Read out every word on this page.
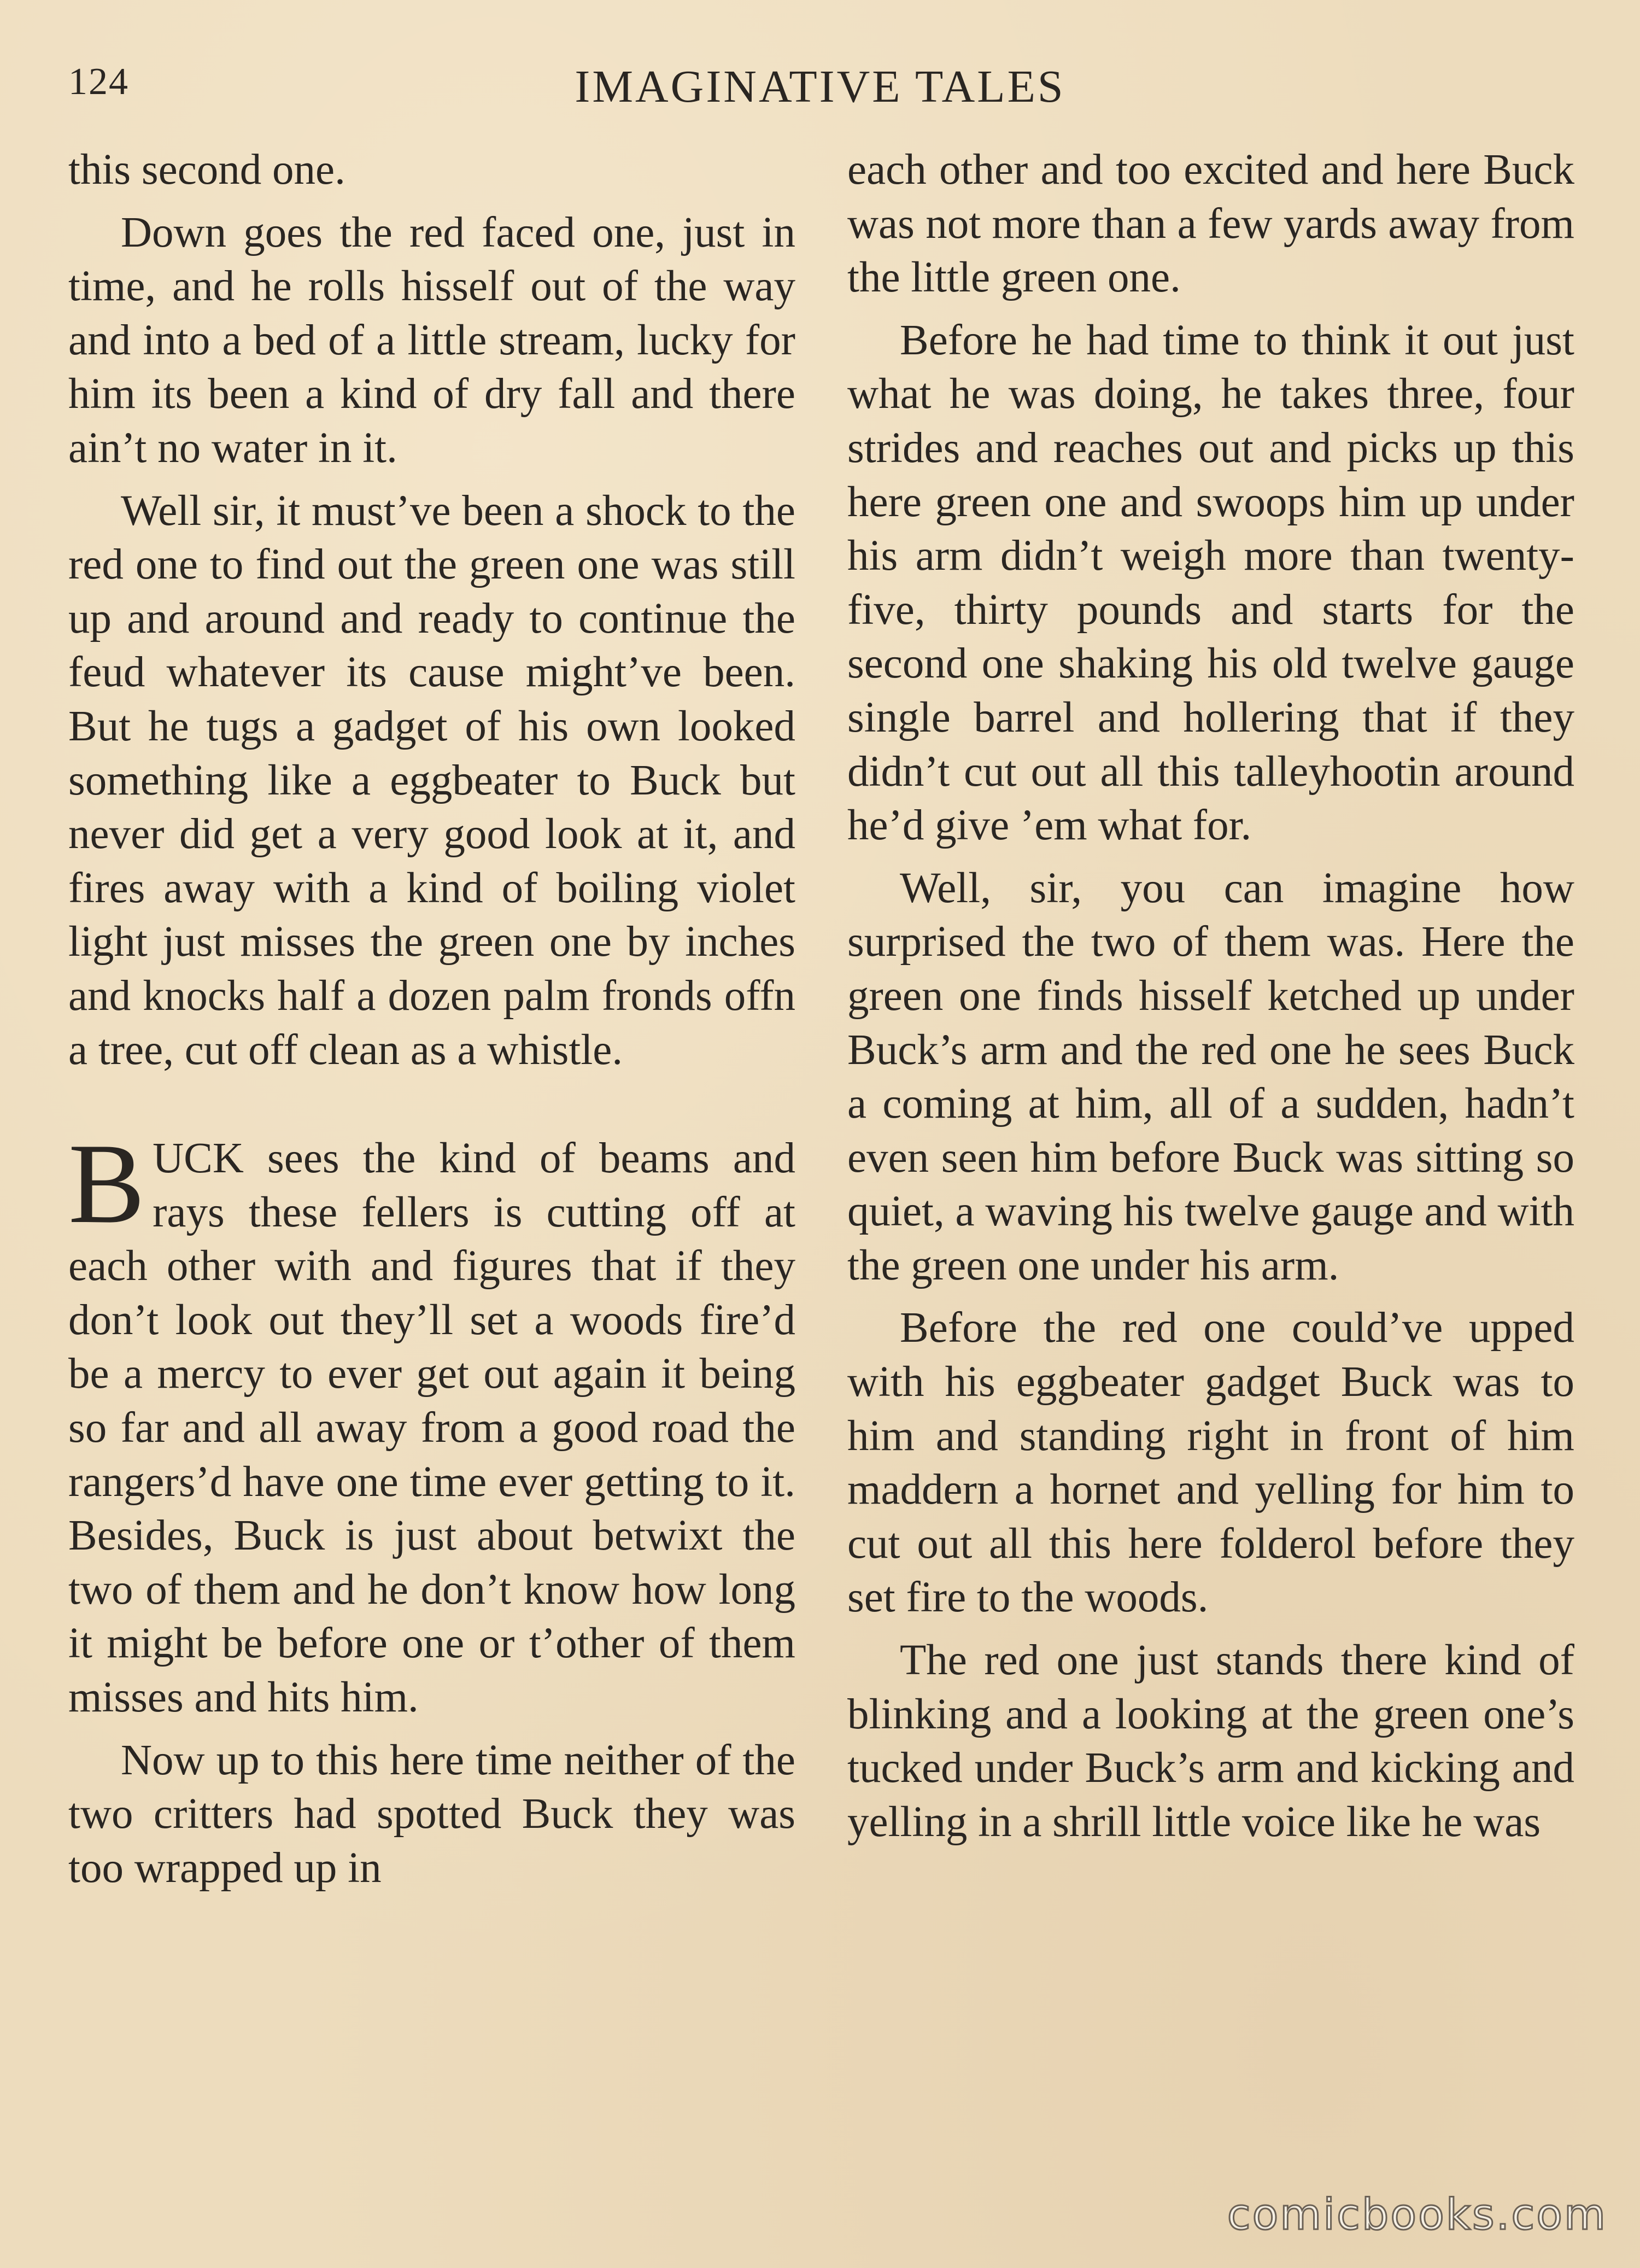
124	IMAGINATIVE TALES

this second one.

Down goes the red faced one, just in time, and he rolls hisself out of the way and into a bed of a little stream, lucky for him its been a kind of dry fall and there ain’t no water in it.

Well sir, it must’ve been a shock to the red one to find out the green one was still up and around and ready to continue the feud whatever its cause might’ve been. But he tugs a gadget of his own looked something like a eggbeater to Buck but never did get a very good look at it, and fires away with a kind of boiling violet light just misses the green one by inches and knocks half a dozen palm fronds offn a tree, cut off clean as a whistle.

BUCK sees the kind of beams and rays these fellers is cutting off at each other with and figures that if they don’t look out they’ll set a woods fire’d be a mercy to ever get out again it being so far and all away from a good road the rangers’d have one time ever getting to it. Besides, Buck is just about betwixt the two of them and he don’t know how long it might be before one or t’other of them misses and hits him.

Now up to this here time neither of the two critters had spotted Buck they was too wrapped up in

each other and too excited and here Buck was not more than a few yards away from the little green one.

Before he had time to think it out just what he was doing, he takes three, four strides and reaches out and picks up this here green one and swoops him up under his arm didn’t weigh more than twenty-five, thirty pounds and starts for the second one shaking his old twelve gauge single barrel and hollering that if they didn’t cut out all this talleyhootin around he’d give ’em what for.

Well, sir, you can imagine how surprised the two of them was. Here the green one finds hisself ketched up under Buck’s arm and the red one he sees Buck a coming at him, all of a sudden, hadn’t even seen him before Buck was sitting so quiet, a waving his twelve gauge and with the green one under his arm.

Before the red one could’ve upped with his eggbeater gadget Buck was to him and standing right in front of him maddern a hornet and yelling for him to cut out all this here folderol before they set fire to the woods.

The red one just stands there kind of blinking and a looking at the green one’s tucked under Buck’s arm and kicking and yelling in a shrill little voice like he was

comicbooks.com
